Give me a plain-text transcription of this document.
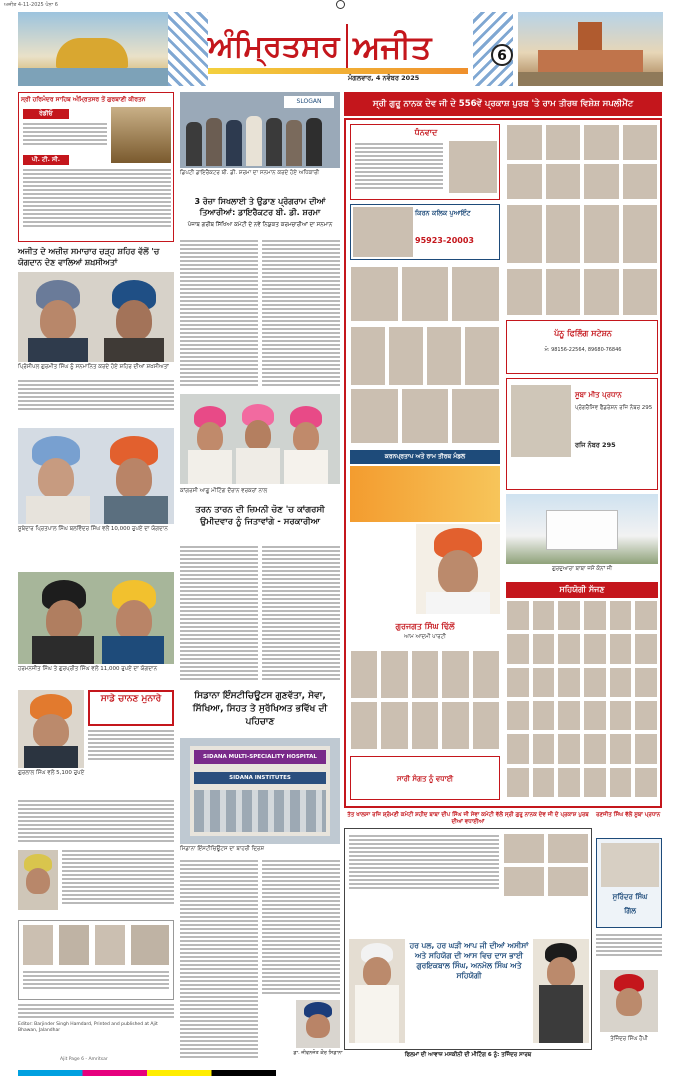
ਅਜੀਤ 4-11-2025 ਪੰਨਾ 6
ਅੰਮ੍ਰਿਤਸਰ ਅਜੀਤ
ਮੰਗਲਵਾਰ, 4 ਨਵੰਬਰ 2025
6
ਸ੍ਰੀ ਹਰਿਮੰਦਰ ਸਾਹਿਬ ਅੰਮ੍ਰਿਤਸਰ ਤੋਂ ਗੁਰਬਾਣੀ ਕੀਰਤਨ
ਰੇਡੀਓ
ਪੀ. ਟੀ. ਸੀ.
ਅਜੀਤ ਦੇ ਅਜ਼ੀਜ਼ ਸਮਾਚਾਰ ਚੜ੍ਹ ਸ਼ਹਿਰ ਵੱਲੋਂ 'ਚ ਯੋਗਦਾਨ ਦੇਣ ਵਾਲਿਆਂ ਸ਼ਖ਼ਸੀਅਤਾਂ
ਪ੍ਰਿੰਸੀਪਲ ਗੁਰਮੀਤ ਸਿੰਘ ਨੂੰ ਸਨਮਾਨਿਤ ਕਰਦੇ ਹੋਏ ਸ਼ਹਿਰ ਦੀਆਂ ਸ਼ਖ਼ਸੀਅਤਾਂ
ਸੂਬੇਦਾਰ ਪ੍ਰਿਤਪਾਲ ਸਿੰਘ ਬਲਵਿੰਦਰ ਸਿੰਘ ਵਲੋਂ 10,000 ਰੁਪਏ ਦਾ ਯੋਗਦਾਨ
ਹਰਮਨਜੀਤ ਸਿੰਘ ਤੇ ਗੁਰਪ੍ਰੀਤ ਸਿੰਘ ਵਲੋਂ 11,000 ਰੁਪਏ ਦਾ ਯੋਗਦਾਨ
ਸਾਡੇ ਚਾਨਣ ਮੁਨਾਰੇ
ਗੁਰਲਾਲ ਸਿੰਘ ਵਲੋਂ 5,100 ਰੁਪਏ
Editor: Barjinder Singh Hamdard, Printed and published at Ajit Bhawan, Jalandhar
Ajit Page 6 - Amritsar
SLOGAN
ਡਿਪਟੀ ਡਾਇਰੈਕਟਰ ਬੀ. ਡੀ. ਸ਼ਰਮਾ ਦਾ ਸਨਮਾਨ ਕਰਦੇ ਹੋਏ ਅਧਿਕਾਰੀ
3 ਰੋਜ਼ਾ ਸਿਖਲਾਈ ਤੇ ਉਡਾਣ ਪ੍ਰੋਗਰਾਮ ਦੀਆਂ ਤਿਆਰੀਆਂ: ਡਾਇਰੈਕਟਰ ਬੀ. ਡੀ. ਸ਼ਰਮਾ
ਪੰਜਾਬ ਗਰੀਬ ਸਿੱਖਿਆ ਕਮੇਟੀ ਦੇ ਨਵੇਂ ਨਿਯੁਕਤ ਕਰਮਚਾਰੀਆਂ ਦਾ ਸਨਮਾਨ
ਕਾਂਗਰਸੀ ਆਗੂ ਮੀਟਿੰਗ ਦੌਰਾਨ ਵਰਕਰਾਂ ਨਾਲ
ਤਰਨ ਤਾਰਨ ਦੀ ਜ਼ਿਮਨੀ ਚੋਣ 'ਚ ਕਾਂਗਰਸੀ ਉਮੀਦਵਾਰ ਨੂੰ ਜਿਤਾਵਾਂਗੇ - ਸਰਕਾਰੀਆ
ਸਿਡਾਨਾ ਇੰਸਟੀਚਿਊਟਸ ਗੁਣਵੱਤਾ, ਸੇਵਾ, ਸਿੱਖਿਆ, ਸਿਹਤ ਤੇ ਸੁਰੱਖਿਅਤ ਭਵਿੱਖ ਦੀ ਪਹਿਚਾਣ
SIDANA MULTI-SPECIALITY HOSPITAL
SIDANA INSTITUTES
ਸਿਡਾਨਾ ਇੰਸਟੀਚਿਊਟਸ ਦਾ ਬਾਹਰੀ ਦ੍ਰਿਸ਼
ਡਾ. ਜੀਵਨਜੋਤ ਕੌਰ ਸਿਡਾਨਾ
ਸ੍ਰੀ ਗੁਰੂ ਨਾਨਕ ਦੇਵ ਜੀ ਦੇ 556ਵੇਂ ਪ੍ਰਕਾਸ਼ ਪੁਰਬ 'ਤੇ ਰਾਮ ਤੀਰਥ ਵਿਸ਼ੇਸ਼ ਸਪਲੀਮੈਂਟ
ਧੰਨਵਾਦ
ਕਿਰਨ ਕਲਿਕ ਪੁਆਇੰਟ
95923-20003
ਪੱਨੂ ਫਿਲਿੰਗ ਸਟੇਸ਼ਨ
ਮੋ: 98156-22564, 89680-76846
ਸੂਬਾ ਮੀਤ ਪ੍ਰਧਾਨ
ਪ੍ਰੋਗਰੈਸਿਵ ਫੈਡਰੇਸ਼ਨ ਰਜਿ ਨੰਬਰ 295
ਰਜਿ ਨੰਬਰ 295
ਕਰਨਪ੍ਰਤਾਪ ਅਤੇ ਰਾਮ ਤੀਰਥ ਮੰਡਲ
ਗੁਰਦੁਆਰਾ ਬਾਬਾ ਜਸੋਂ ਕੋਨਾਂ ਜੀ
ਗੁਰਜਗਤ ਸਿੰਘ ਢਿੱਲੋਂ
ਆਮ ਆਦਮੀ ਪਾਰਟੀ
ਸਹਿਯੋਗੀ ਸੱਜਣ
ਸਾਰੀ ਸੰਗਤ ਨੂੰ ਵਧਾਈ
ਤੱਤ ਖਾਲਸਾ ਰਜਿ ਸ਼੍ਰੋਮਣੀ ਕਮੇਟੀ ਸ਼ਹੀਦ ਬਾਬਾ ਦੀਪ ਸਿੰਘ ਜੀ ਸੇਵਾ ਕਮੇਟੀ ਵੱਲੋਂ ਸ੍ਰੀ ਗੁਰੂ ਨਾਨਕ ਦੇਵ ਜੀ ਦੇ ਪ੍ਰਕਾਸ਼ ਪੁਰਬ ਦੀਆਂ ਵਧਾਈਆਂ
ਹਰ ਪਲ, ਹਰ ਘੜੀ ਆਪ ਜੀ ਦੀਆਂ ਅਸੀਸਾਂ ਅਤੇ ਸਹਿਯੋਗ ਦੀ ਆਸ ਵਿਚ ਦਾਸ ਭਾਈ ਗੁਰਇਕਬਾਲ ਸਿੰਘ, ਅਨਮੋਲ ਸਿੰਘ ਅਤੇ ਸਹਿਯੋਗੀ
ਫਿਲਮਾਂ ਦੀ ਆਵਾਜ਼ ਮਸਕੀਨੀ ਦੀ ਮੀਟਿੰਗ 6 ਨੂੰ: ਤਜਿੰਦਰ ਸਾਰਥ
ਰਣਜੀਤ ਸਿੰਘ ਵੱਲੋਂ ਸੂਬਾ ਪ੍ਰਧਾਨ
ਸੁਰਿੰਦਰ ਸਿੰਘ
ਗਿੱਲ
ਤੇਜਿੰਦਰ ਸਿੰਘ ਹੈਪੀ
